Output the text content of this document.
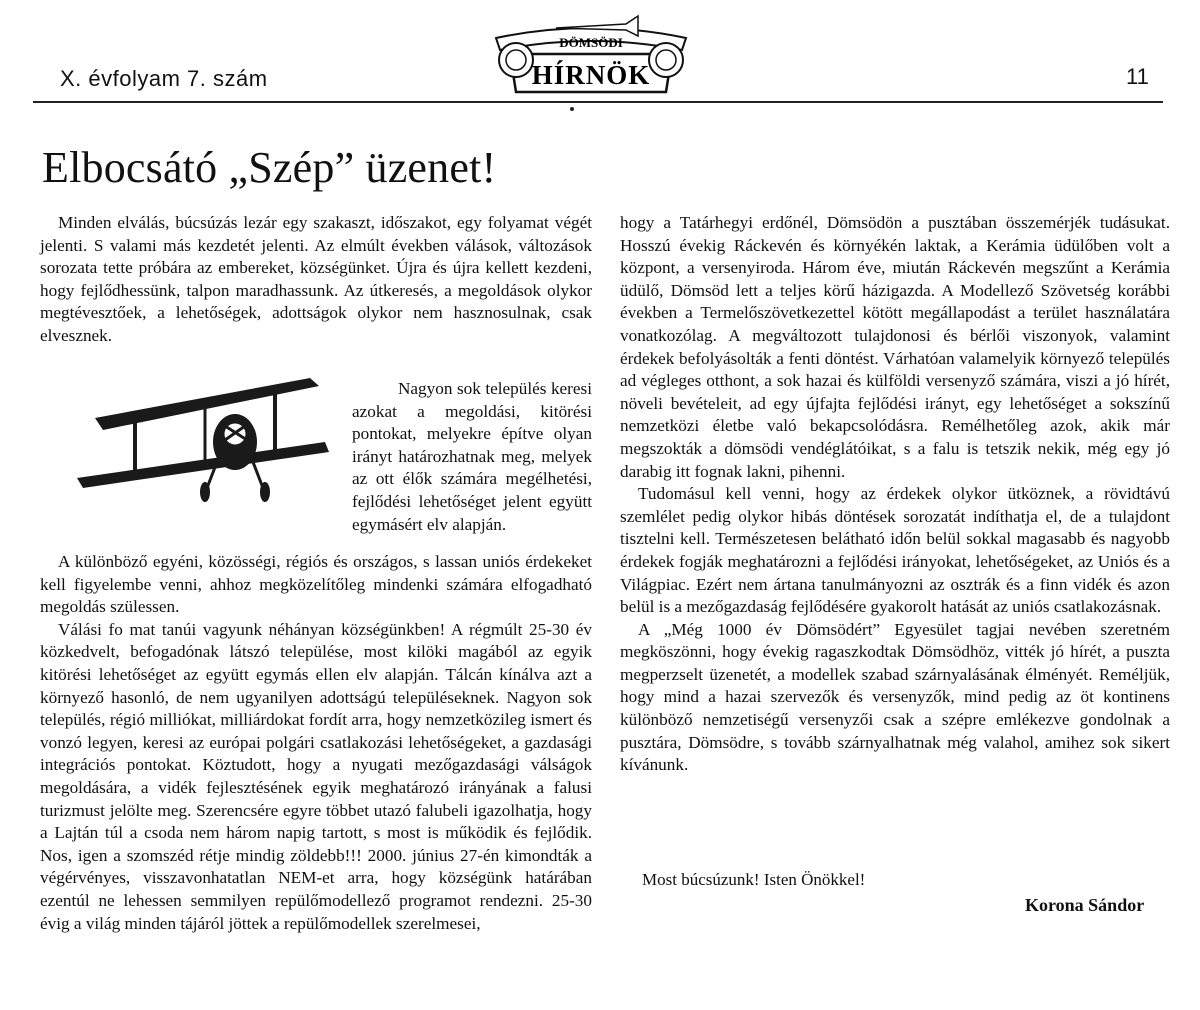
X. évfolyam 7. szám
DÖMSÖDI
HÍRNÖK	11
Elbocsátó „Szép” üzenet!

Minden elválás, búcsúzás lezár egy szakaszt, időszakot, egy folyamat végét jelenti. S valami más kezdetét jelenti. Az elmúlt években válások, változások sorozata tette próbára az embereket, községünket. Újra és újra kellett kezdeni, hogy fejlődhessünk, talpon maradhassunk. Az útkeresés, a megoldások olykor megtévesztőek, a lehetőségek, adottságok olykor nem hasznosulnak, csak elvesznek.

Nagyon sok település keresi azokat a megoldási, kitörési pontokat, melyekre építve olyan irányt határozhatnak meg, melyek az ott élők számára megélhetési, fejlődési lehetőséget jelent együtt egymásért elv alapján.

A különböző egyéni, közösségi, régiós és országos, s lassan uniós érdekeket kell figyelembe venni, ahhoz megközelítőleg mindenki számára elfogadható megoldás szülessen.

Válási fo mat tanúi vagyunk néhányan községünkben! A régmúlt 25-30 év közkedvelt, befogadónak látszó települése, most kilöki magából az egyik kitörési lehetőséget az együtt egymás ellen elv alapján. Tálcán kínálva azt a környező hasonló, de nem ugyanilyen adottságú településeknek. Nagyon sok település, régió milliókat, milliárdokat fordít arra, hogy nemzetközileg ismert és vonzó legyen, keresi az európai polgári csatlakozási lehetőségeket, a gazdasági integrációs pontokat. Köztudott, hogy a nyugati mezőgazdasági válságok megoldására, a vidék fejlesztésének egyik meghatározó irányának a falusi turizmust jelölte meg. Szerencsére egyre többet utazó falubeli igazolhatja, hogy a Lajtán túl a csoda nem három napig tartott, s most is működik és fejlődik. Nos, igen a szomszéd rétje mindig zöldebb!!! 2000. június 27-én kimondták a végérvényes, visszavonhatatlan NEM-et arra, hogy községünk határában ezentúl ne lehessen semmilyen repülőmodellező programot rendezni. 25-30 évig a világ minden tájáról jöttek a repülőmodellek szerelmesei,

hogy a Tatárhegyi erdőnél, Dömsödön a pusztában összemérjék tudásukat. Hosszú évekig Ráckevén és környékén laktak, a Kerámia üdülőben volt a központ, a versenyiroda. Három éve, miután Ráckevén megszűnt a Kerámia üdülő, Dömsöd lett a teljes körű házigazda. A Modellező Szövetség korábbi években a Termelőszövetkezettel kötött megállapodást a terület használatára vonatkozólag. A megváltozott tulajdonosi és bérlői viszonyok, valamint érdekek befolyásolták a fenti döntést. Várhatóan valamelyik környező település ad végleges otthont, a sok hazai és külföldi versenyző számára, viszi a jó hírét, növeli bevételeit, ad egy újfajta fejlődési irányt, egy lehetőséget a sokszínű nemzetközi életbe való bekapcsolódásra. Remélhetőleg azok, akik már megszokták a dömsödi vendéglátóikat, s a falu is tetszik nekik, még egy jó darabig itt fognak lakni, pihenni.

Tudomásul kell venni, hogy az érdekek olykor ütköznek, a rövidtávú szemlélet pedig olykor hibás döntések sorozatát indíthatja el, de a tulajdont tisztelni kell. Természetesen belátható időn belül sokkal magasabb és nagyobb érdekek fogják meghatározni a fejlődési irányokat, lehetőségeket, az Uniós és a Világpiac. Ezért nem ártana tanulmányozni az osztrák és a finn vidék és azon belül is a mezőgazdaság fejlődésére gyakorolt hatását az uniós csatlakozásnak.

A „Még 1000 év Dömsödért” Egyesület tagjai nevében szeretném megköszönni, hogy évekig ragaszkodtak Dömsödhöz, vitték jó hírét, a puszta megperzselt üzenetét, a modellek szabad szárnyalásának élményét. Reméljük, hogy mind a hazai szervezők és versenyzők, mind pedig az öt kontinens különböző nemzetiségű versenyzői csak a szépre emlékezve gondolnak a pusztára, Dömsödre, s tovább szárnyalhatnak még valahol, amihez sok sikert kívánunk.

Most búcsúzunk! Isten Önökkel!
Korona Sándor
